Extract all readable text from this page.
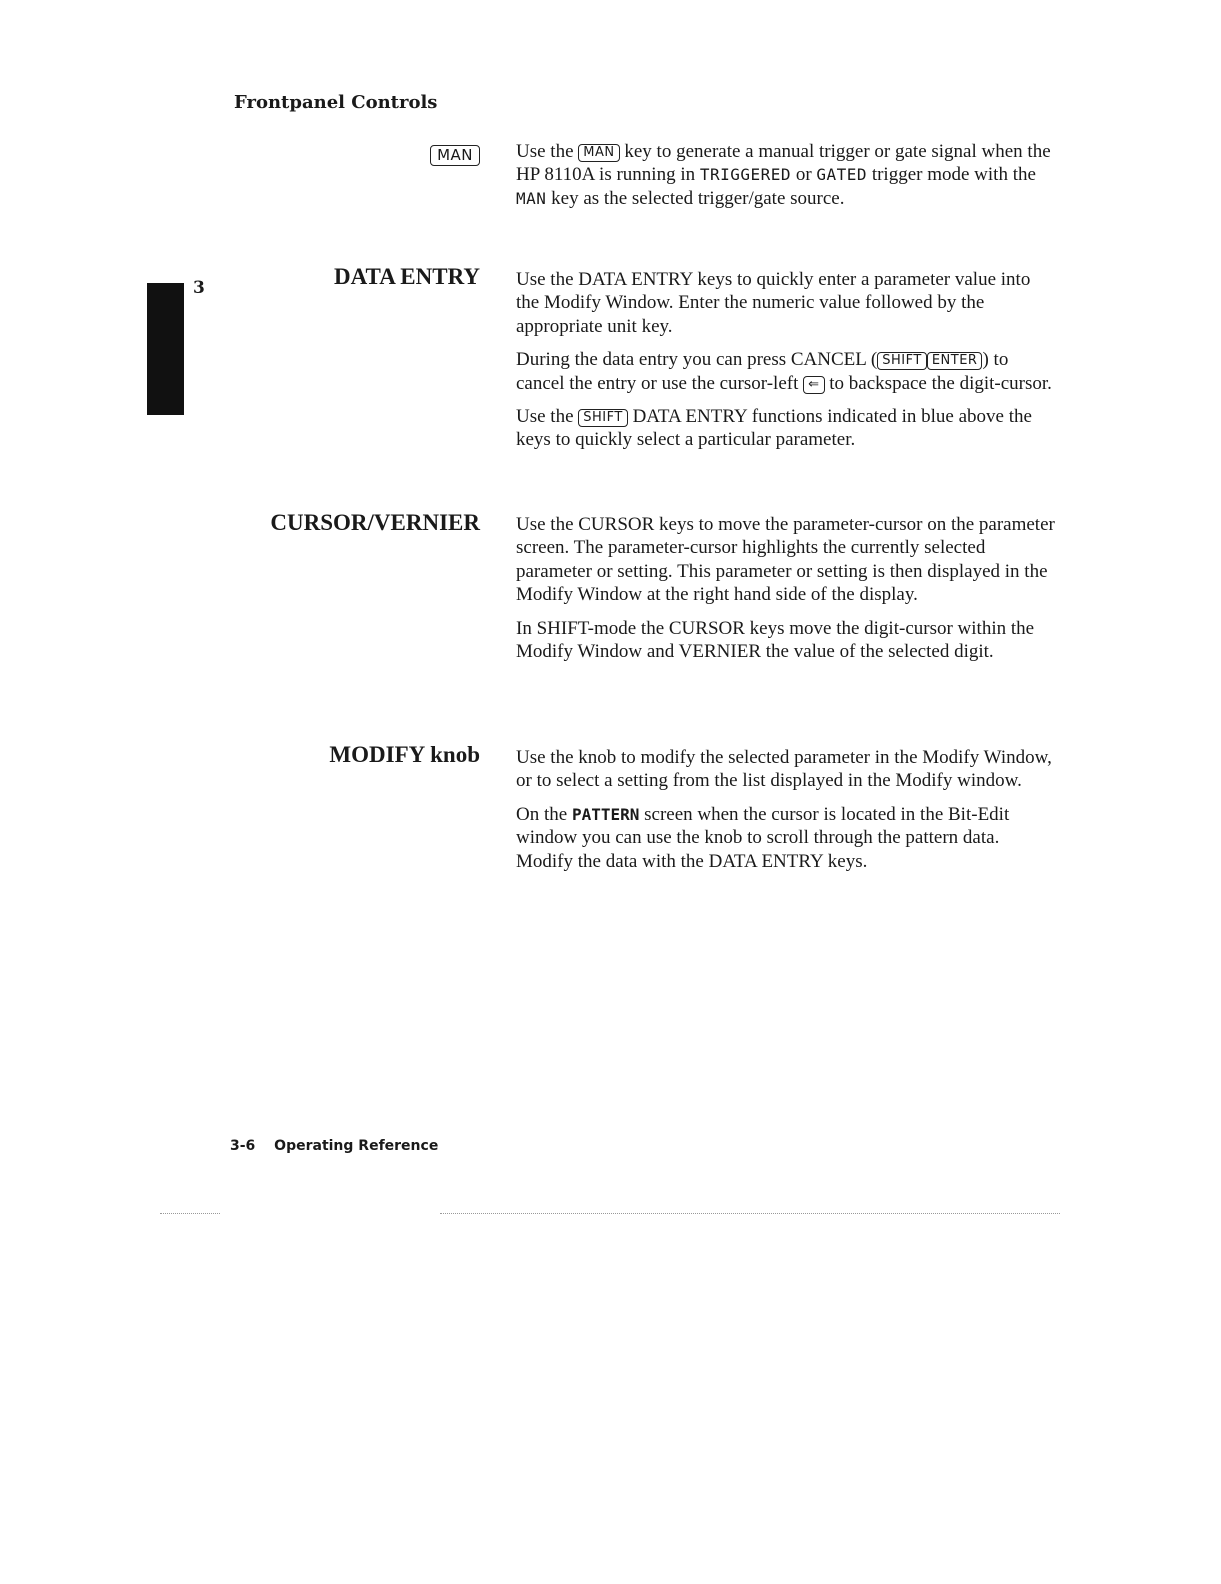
Frontpanel Controls
3
MAN	Use the MAN key to generate a manual trigger or gate signal when the HP 8110A is running in TRIGGERED or GATED trigger mode with the MAN key as the selected trigger/gate source.

DATA ENTRY Use the DATA ENTRY keys to quickly enter a parameter value into the Modify Window. Enter the numeric value followed by the appropriate unit key.

During the data entry you can press CANCEL ( SHIFT ENTER ) to cancel the entry or use the cursor-left ⇐ to backspace the digit-cursor.

Use the SHIFT DATA ENTRY functions indicated in blue above the keys to quickly select a particular parameter.

CURSOR/VERNIER Use the CURSOR keys to move the parameter-cursor on the parameter screen. The parameter-cursor highlights the currently selected parameter or setting. This parameter or setting is then displayed in the Modify Window at the right hand side of the display.

In SHIFT-mode the CURSOR keys move the digit-cursor within the Modify Window and VERNIER the value of the selected digit.

MODIFY knob Use the knob to modify the selected parameter in the Modify Window, or to select a setting from the list displayed in the Modify window.

On the PATTERN screen when the cursor is located in the Bit-Edit window you can use the knob to scroll through the pattern data. Modify the data with the DATA ENTRY keys.

3-6 Operating Reference
